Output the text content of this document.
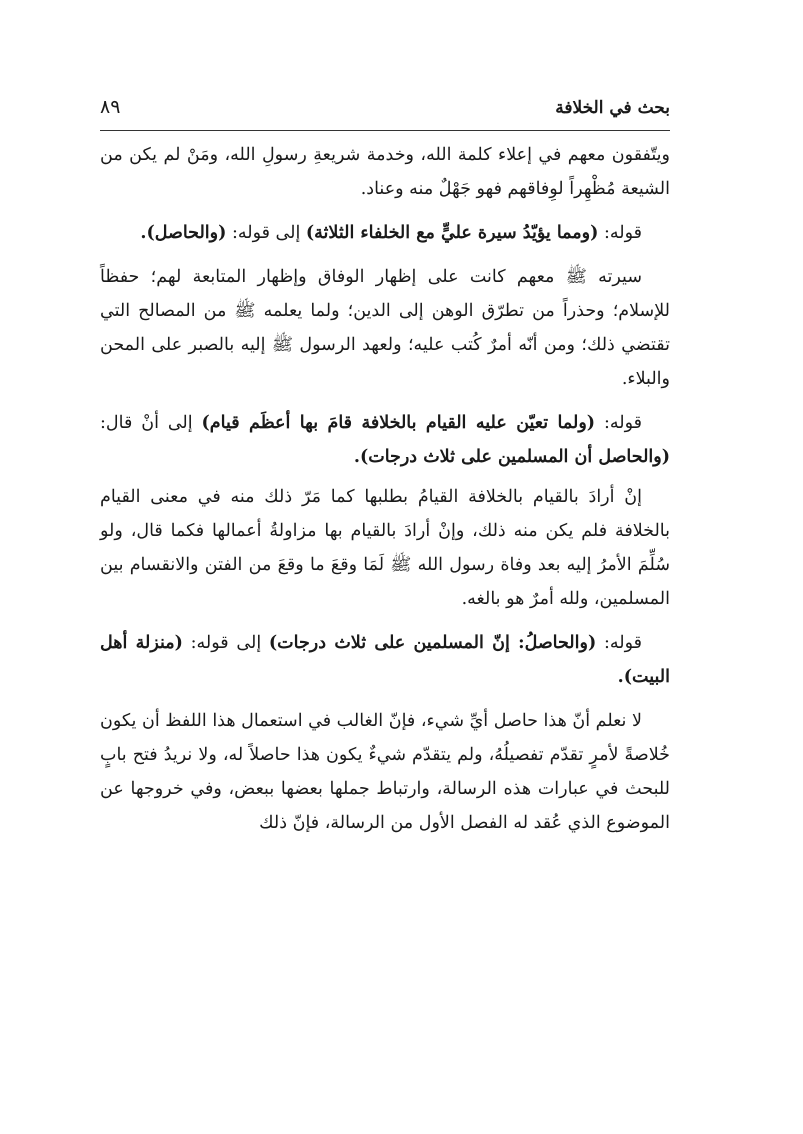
بحث في الخلافة
٨٩

ويتّفقون معهم في إعلاء كلمة الله، وخدمة شريعةِ رسولِ الله، ومَنْ لم يكن من الشيعة مُظْهِراً لوِفاقهم فهو جَهْلٌ منه وعناد.

قوله: (ومما يؤيّدُ سيرة عليٍّ مع الخلفاء الثلاثة) إلى قوله: (والحاصل).

سيرته ﷺ معهم كانت على إظهار الوفاق وإظهار المتابعة لهم؛ حفظاً للإسلام؛ وحذراً من تطرّق الوهن إلى الدين؛ ولما يعلمه ﷺ من المصالح التي تقتضي ذلك؛ ومن أنّه أمرٌ كُتب عليه؛ ولعهد الرسول ﷺ إليه بالصبر على المحن والبلاء.

قوله: (ولما تعيّن عليه القيام بالخلافة قامَ بها أعظَم قيام) إلى أنْ قال: (والحاصل أن المسلمين على ثلاث درجات).

إنْ أرادَ بالقيام بالخلافة القيامُ بطلبها كما مَرّ ذلك منه في معنى القيام بالخلافة فلم يكن منه ذلك، وإنْ أرادَ بالقيام بها مزاولةُ أعمالها فكما قال، ولو سُلِّمَ الأمرُ إليه بعد وفاة رسول الله ﷺ لَمَا وقعَ ما وقعَ من الفتن والانقسام بين المسلمين، ولله أمرٌ هو بالغه.

قوله: (والحاصلُ: إنّ المسلمين على ثلاث درجات) إلى قوله: (منزلة أهل البيت).

لا نعلم أنّ هذا حاصل أيِّ شيء، فإنّ الغالب في استعمال هذا اللفظ أن يكون خُلاصةً لأمرٍ تقدّم تفصيلُهُ، ولم يتقدّم شيءٌ يكون هذا حاصلاً له، ولا نريدُ فتح بابٍ للبحث في عبارات هذه الرسالة، وارتباط جملها بعضها ببعض، وفي خروجها عن الموضوع الذي عُقد له الفصل الأول من الرسالة، فإنّ ذلك
